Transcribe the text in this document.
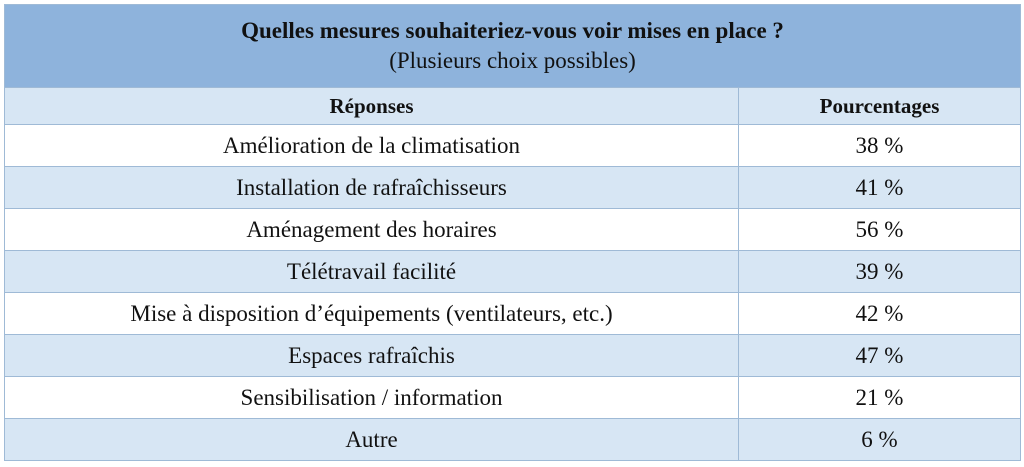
Quelles mesures souhaiteriez-vous voir mises en place ?
(Plusieurs choix possibles)	

Réponses	Pourcentages
Amélioration de la climatisation	38 %
Installation de rafraîchisseurs	41 %
Aménagement des horaires	56 %
Télétravail facilité	39 %
Mise à disposition d’équipements (ventilateurs, etc.)	42 %
Espaces rafraîchis	47 %
Sensibilisation / information	21 %
Autre	6 %
